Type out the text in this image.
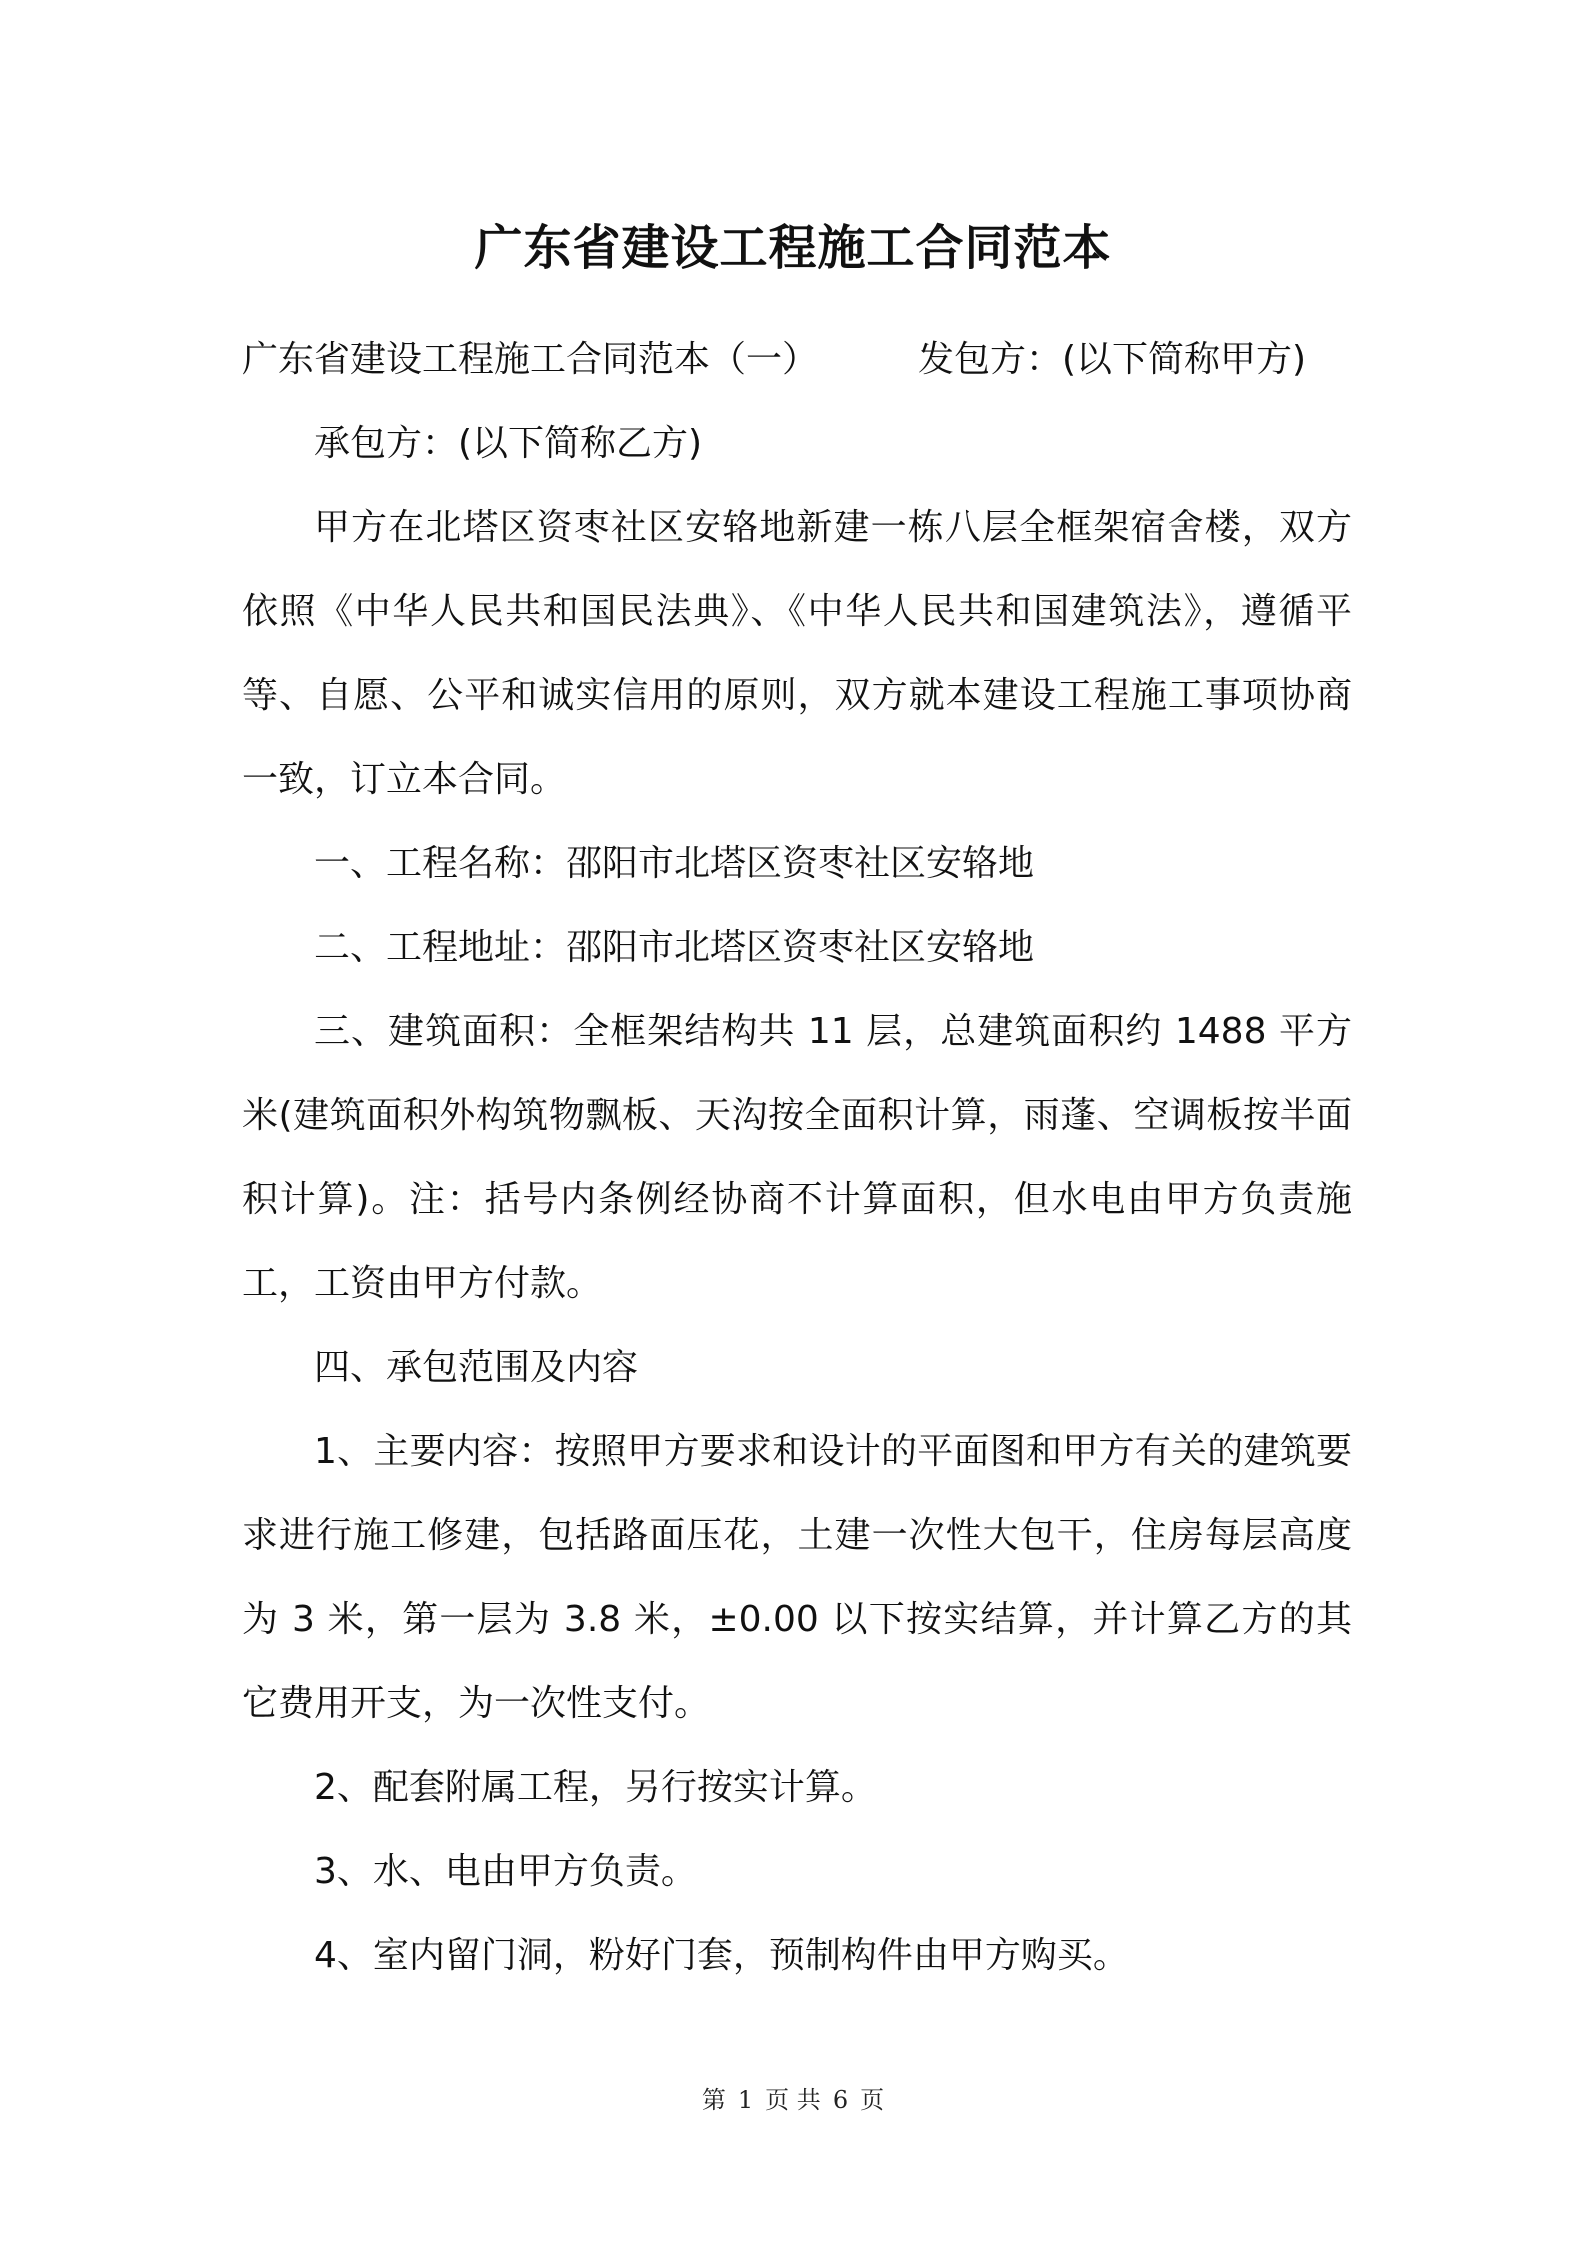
广东省建设工程施工合同范本

广东省建设工程施工合同范本（一）	发包方：(以下简称甲方)

承包方：(以下简称乙方)

甲方在北塔区资枣社区安辂地新建一栋八层全框架宿舍楼，双方依照《中华人民共和国民法典》、《中华人民共和国建筑法》，遵循平等、自愿、公平和诚实信用的原则，双方就本建设工程施工事项协商一致，订立本合同。

一、工程名称：邵阳市北塔区资枣社区安辂地

二、工程地址：邵阳市北塔区资枣社区安辂地

三、建筑面积：全框架结构共 11 层，总建筑面积约 1488 平方米(建筑面积外构筑物飘板、天沟按全面积计算，雨蓬、空调板按半面积计算)。注：括号内条例经协商不计算面积，但水电由甲方负责施工，工资由甲方付款。

四、承包范围及内容

1、主要内容：按照甲方要求和设计的平面图和甲方有关的建筑要求进行施工修建，包括路面压花，土建一次性大包干，住房每层高度为 3 米，第一层为 3.8 米，±0.00 以下按实结算，并计算乙方的其它费用开支，为一次性支付。

2、配套附属工程，另行按实计算。

3、水、电由甲方负责。

4、室内留门洞，粉好门套，预制构件由甲方购买。

第 1 页 共 6 页
